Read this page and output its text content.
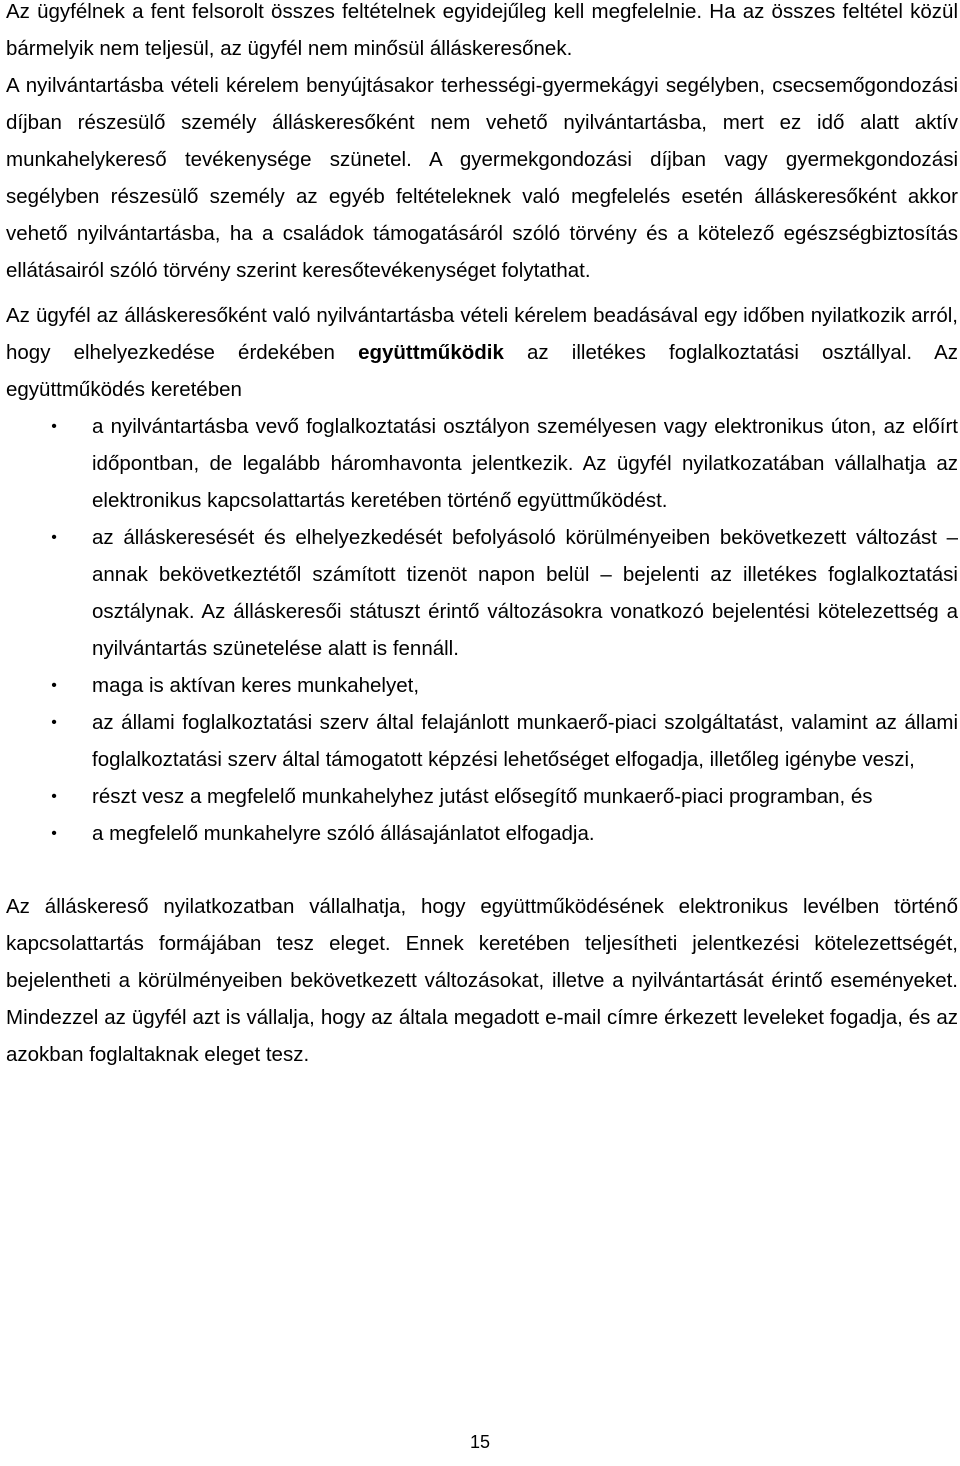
Az ügyfélnek a fent felsorolt összes feltételnek egyidejűleg kell megfelelnie. Ha az összes feltétel közül bármelyik nem teljesül, az ügyfél nem minősül álláskeresőnek.

A nyilvántartásba vételi kérelem benyújtásakor terhességi-gyermekágyi segélyben, csecsemőgondozási díjban részesülő személy álláskeresőként nem vehető nyilvántartásba, mert ez idő alatt aktív munkahelykereső tevékenysége szünetel. A gyermekgondozási díjban vagy gyermekgondozási segélyben részesülő személy az egyéb feltételeknek való megfelelés esetén álláskeresőként akkor vehető nyilvántartásba, ha a családok támogatásáról szóló törvény és a kötelező egészségbiztosítás ellátásairól szóló törvény szerint keresőtevékenységet folytathat.

Az ügyfél az álláskeresőként való nyilvántartásba vételi kérelem beadásával egy időben nyilatkozik arról, hogy elhelyezkedése érdekében együttműködik az illetékes foglalkoztatási osztállyal. Az együttműködés keretében

•	a nyilvántartásba vevő foglalkoztatási osztályon személyesen vagy elektronikus úton, az előírt időpontban, de legalább háromhavonta jelentkezik. Az ügyfél nyilatkozatában vállalhatja az elektronikus kapcsolattartás keretében történő együttműködést.
•	az álláskeresését és elhelyezkedését befolyásoló körülményeiben bekövetkezett változást – annak bekövetkeztétől számított tizenöt napon belül – bejelenti az illetékes foglalkoztatási osztálynak. Az álláskeresői státuszt érintő változásokra vonatkozó bejelentési kötelezettség a nyilvántartás szünetelése alatt is fennáll.
•	maga is aktívan keres munkahelyet,
•	az állami foglalkoztatási szerv által felajánlott munkaerő-piaci szolgáltatást, valamint az állami foglalkoztatási szerv által támogatott képzési lehetőséget elfogadja, illetőleg igénybe veszi,
•	részt vesz a megfelelő munkahelyhez jutást elősegítő munkaerő-piaci programban, és
•	a megfelelő munkahelyre szóló állásajánlatot elfogadja.

Az álláskereső nyilatkozatban vállalhatja, hogy együttműködésének elektronikus levélben történő kapcsolattartás formájában tesz eleget. Ennek keretében teljesítheti jelentkezési kötelezettségét, bejelentheti a körülményeiben bekövetkezett változásokat, illetve a nyilvántartását érintő eseményeket. Mindezzel az ügyfél azt is vállalja, hogy az általa megadott e-mail címre érkezett leveleket fogadja, és az azokban foglaltaknak eleget tesz.

15
